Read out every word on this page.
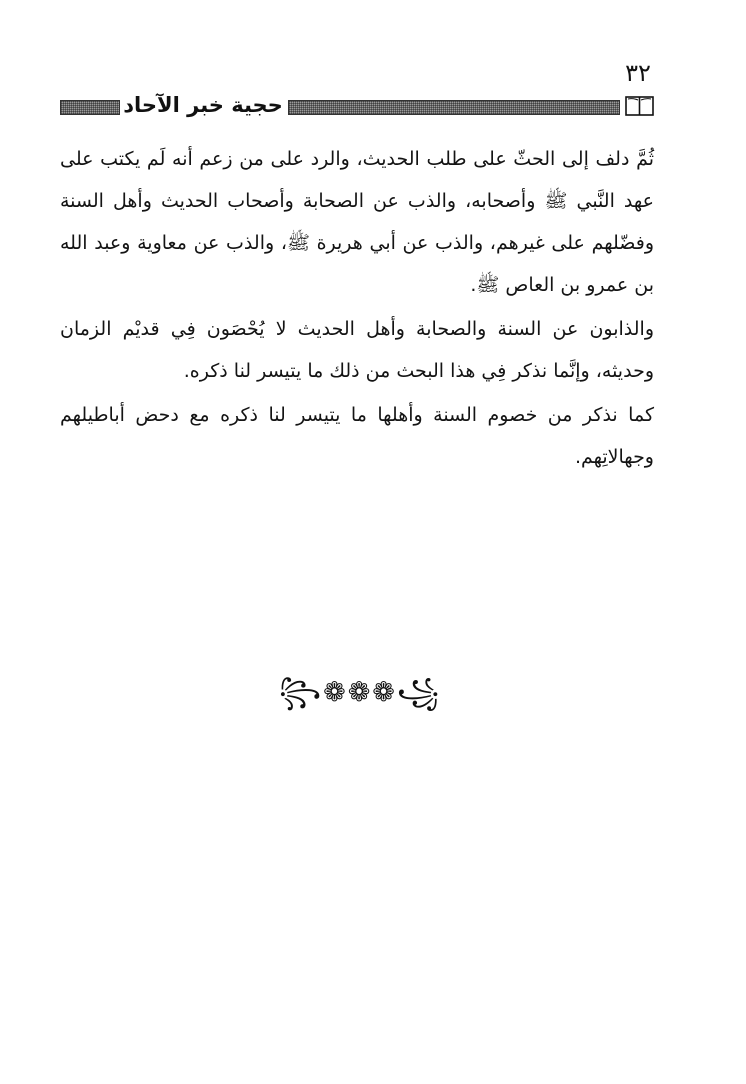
٣٢
حجية خبر الآحاد

ثُمَّ دلف إلى الحثّ على طلب الحديث، والرد على من زعم أنه لَم يكتب على عهد النَّبي ﷺ وأصحابه، والذب عن الصحابة وأصحاب الحديث وأهل السنة وفضّلهم على غيرهم، والذب عن أبي هريرة ﷺ، والذب عن معاوية وعبد الله بن عمرو بن العاص ﷺ.

والذابون عن السنة والصحابة وأهل الحديث لا يُحْصَون فِي قديْم الزمان وحديثه، وإنَّما نذكر فِي هذا البحث من ذلك ما يتيسر لنا ذكره.

كما نذكر من خصوم السنة وأهلها ما يتيسر لنا ذكره مع دحض أباطيلهم وجهالاتِهم.

꧂❁❁❁꧁
